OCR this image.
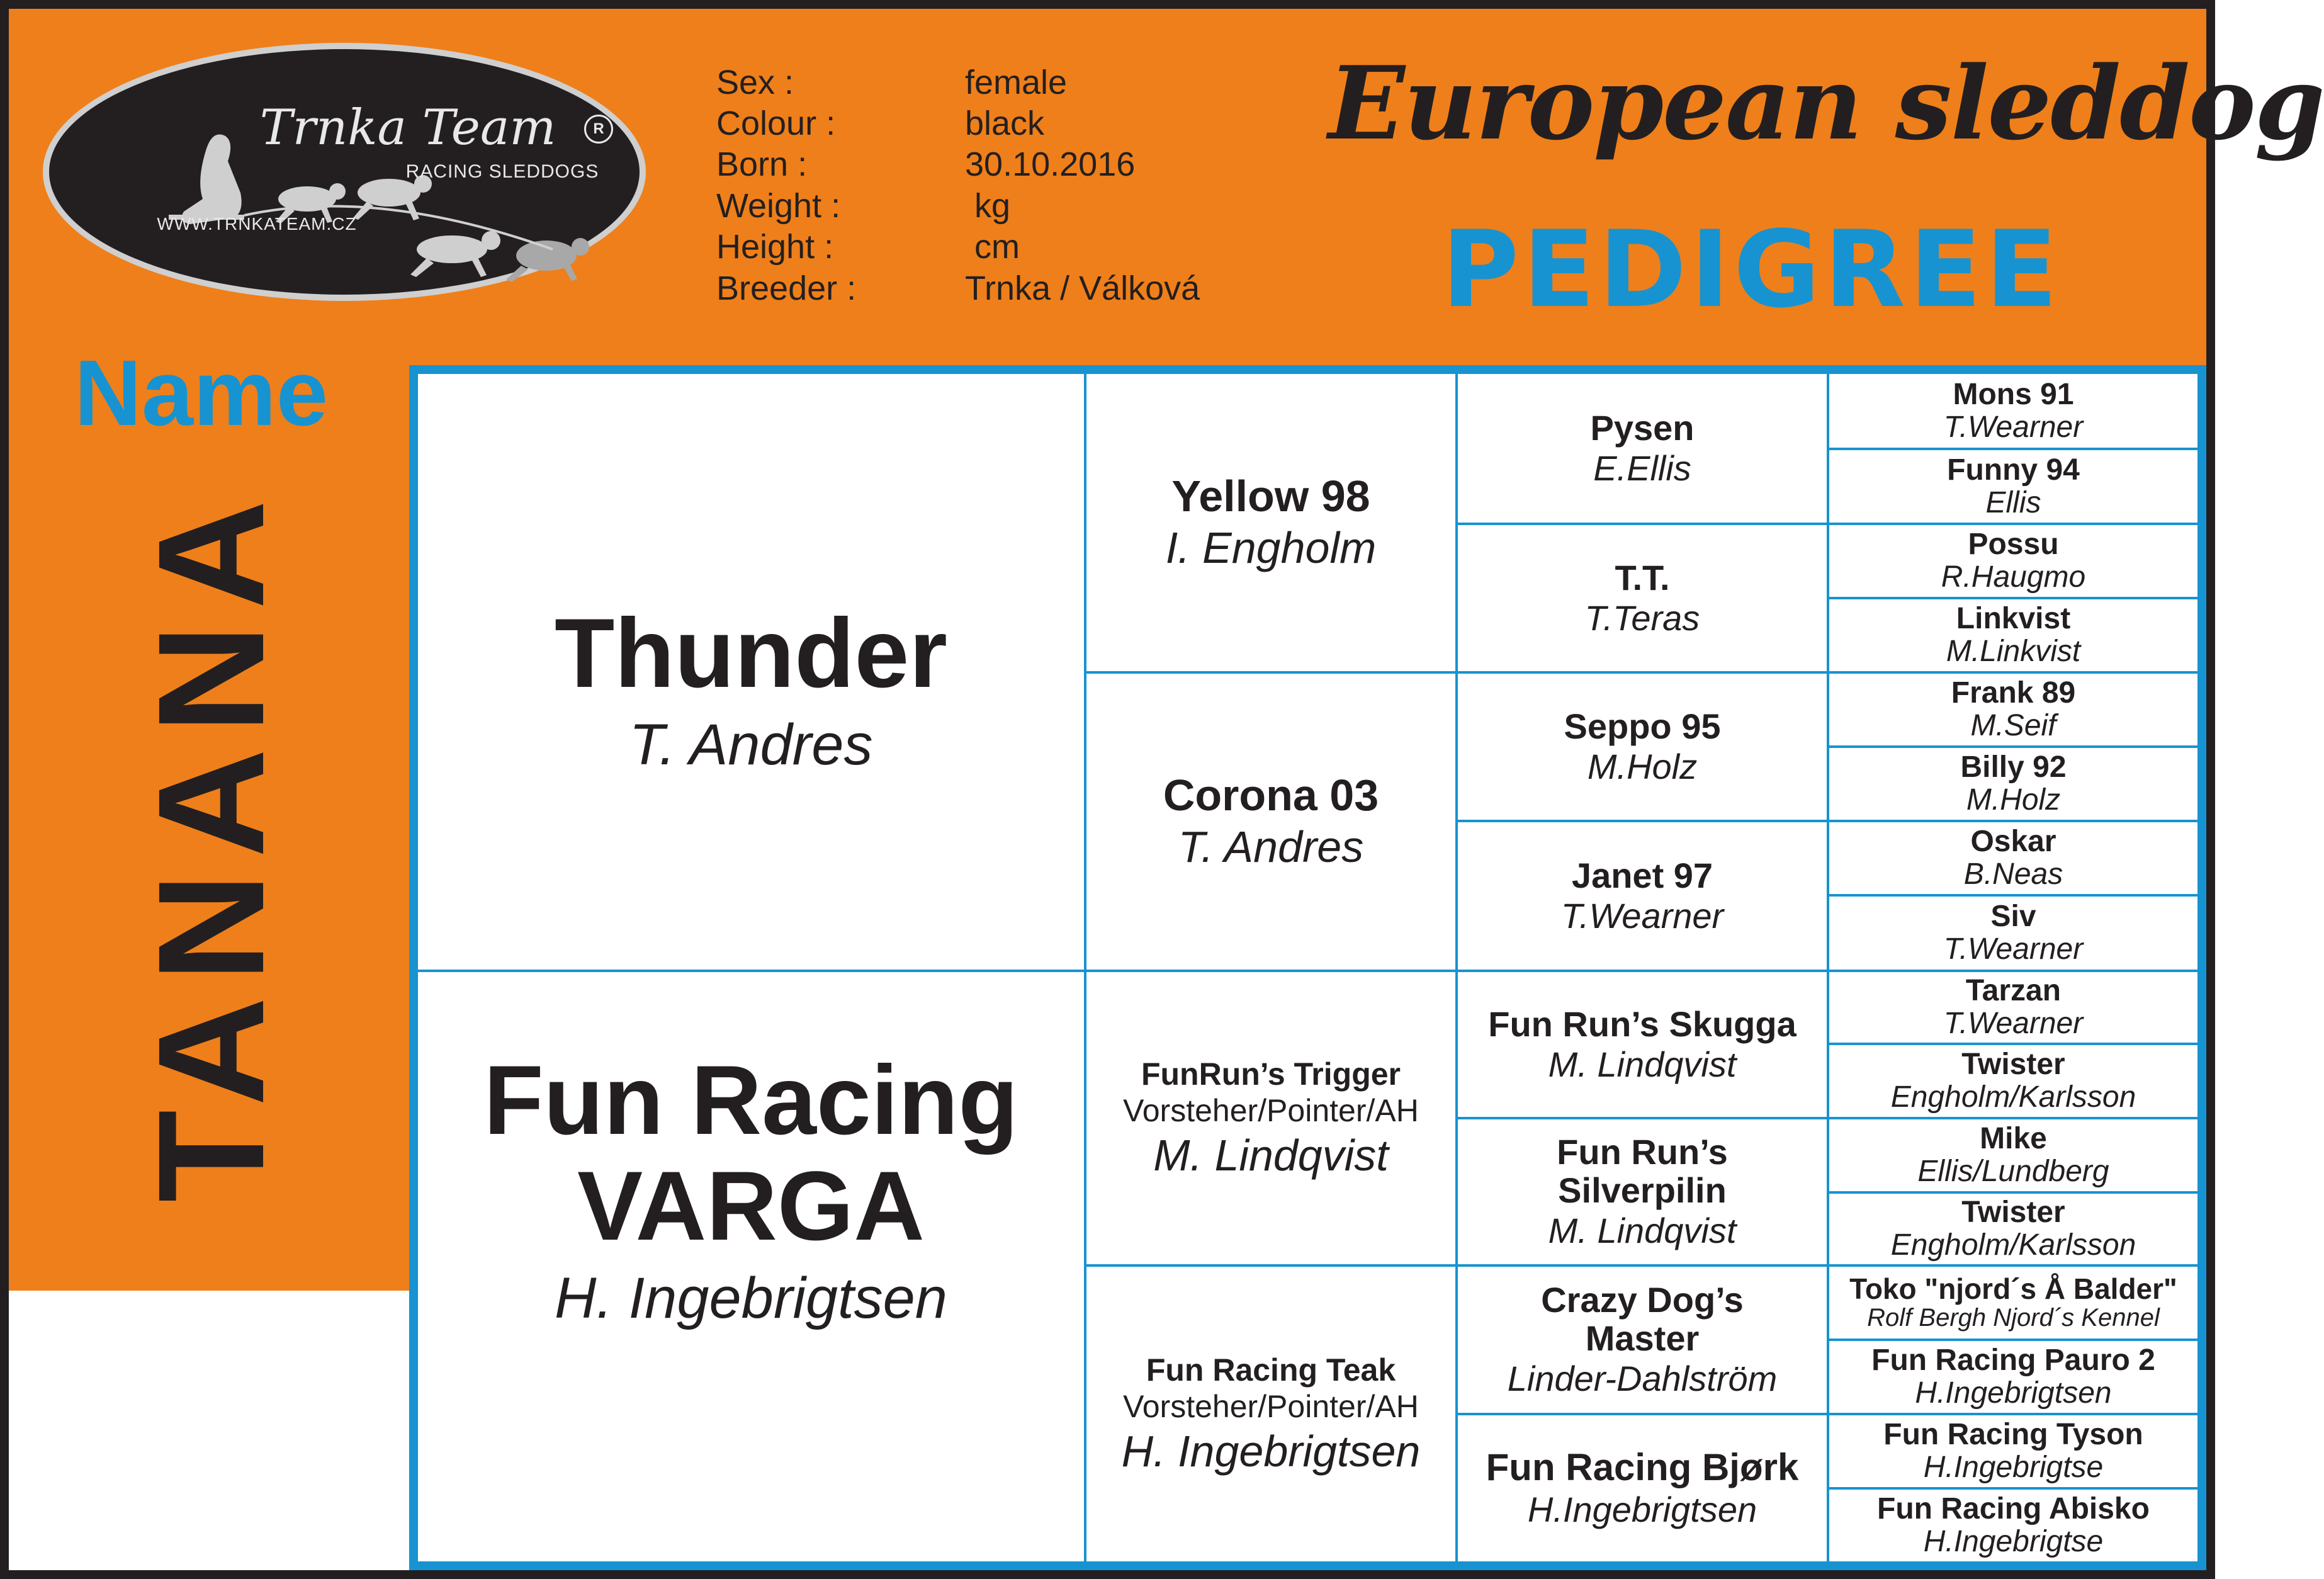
Trnka Team	R
RACING SLEDDOGS
WWW.TRNKATEAM.CZ
Sex :	female
Colour :	black
Born :	30.10.2016
Weight :	kg
Height :	cm
Breeder :	Trnka / Válková
European sleddog
PEDIGREE
Name
TANANA	Thunder
T. Andres
Fun Racing
VARGA
H. Ingebrigtsen
Yellow 98
I. Engholm
Corona 03
T. Andres
FunRun’s Trigger
Vorsteher/Pointer/AH
M. Lindqvist
Fun Racing Teak
Vorsteher/Pointer/AH
H. Ingebrigtsen
Pysen
E.Ellis
T.T.
T.Teras
Seppo 95
M.Holz
Janet 97
T.Wearner
Fun Run’s Skugga
M. Lindqvist
Fun Run’s
Silverpilin
M. Lindqvist
Crazy Dog’s
Master
Linder-Dahlström
Fun Racing Bjørk
H.Ingebrigtsen
Mons 91
T.Wearner
Funny 94
Ellis
Possu
R.Haugmo
Linkvist
M.Linkvist
Frank 89
M.Seif
Billy 92
M.Holz
Oskar
B.Neas
Siv
T.Wearner
Tarzan
T.Wearner
Twister
Engholm/Karlsson
Mike
Ellis/Lundberg
Twister
Engholm/Karlsson
Toko "njord´s Å Balder"
Rolf Bergh Njord´s Kennel
Fun Racing Pauro 2
H.Ingebrigtsen
Fun Racing Tyson
H.Ingebrigtse
Fun Racing Abisko
H.Ingebrigtse
